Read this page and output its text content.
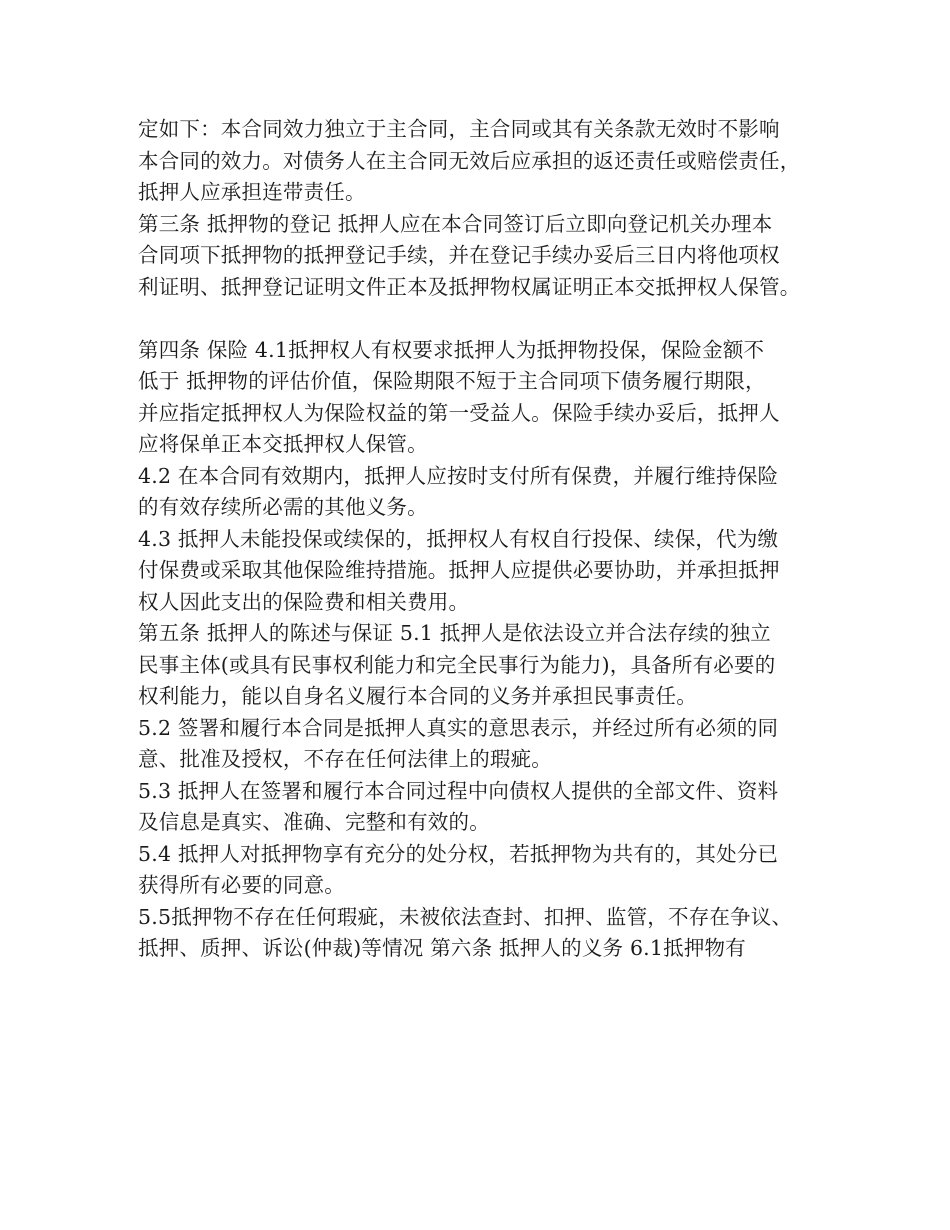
定如下：本合同效力独立于主合同，主合同或其有关条款无效时不影响
本合同的效力。对债务人在主合同无效后应承担的返还责任或赔偿责任，
抵押人应承担连带责任。
第三条 抵押物的登记 抵押人应在本合同签订后立即向登记机关办理本
合同项下抵押物的抵押登记手续，并在登记手续办妥后三日内将他项权
利证明、抵押登记证明文件正本及抵押物权属证明正本交抵押权人保管。
第四条 保险 4.1抵押权人有权要求抵押人为抵押物投保，保险金额不
低于 抵押物的评估价值，保险期限不短于主合同项下债务履行期限，
并应指定抵押权人为保险权益的第一受益人。保险手续办妥后，抵押人
应将保单正本交抵押权人保管。
4.2 在本合同有效期内，抵押人应按时支付所有保费，并履行维持保险
的有效存续所必需的其他义务。
4.3 抵押人未能投保或续保的，抵押权人有权自行投保、续保，代为缴
付保费或采取其他保险维持措施。抵押人应提供必要协助，并承担抵押
权人因此支出的保险费和相关费用。
第五条 抵押人的陈述与保证 5.1 抵押人是依法设立并合法存续的独立
民事主体(或具有民事权利能力和完全民事行为能力)，具备所有必要的
权利能力，能以自身名义履行本合同的义务并承担民事责任。
5.2 签署和履行本合同是抵押人真实的意思表示，并经过所有必须的同
意、批准及授权，不存在任何法律上的瑕疵。
5.3 抵押人在签署和履行本合同过程中向债权人提供的全部文件、资料
及信息是真实、准确、完整和有效的。
5.4 抵押人对抵押物享有充分的处分权，若抵押物为共有的，其处分已
获得所有必要的同意。
5.5抵押物不存在任何瑕疵，未被依法查封、扣押、监管，不存在争议、
抵押、质押、诉讼(仲裁)等情况 第六条 抵押人的义务 6.1抵押物有
